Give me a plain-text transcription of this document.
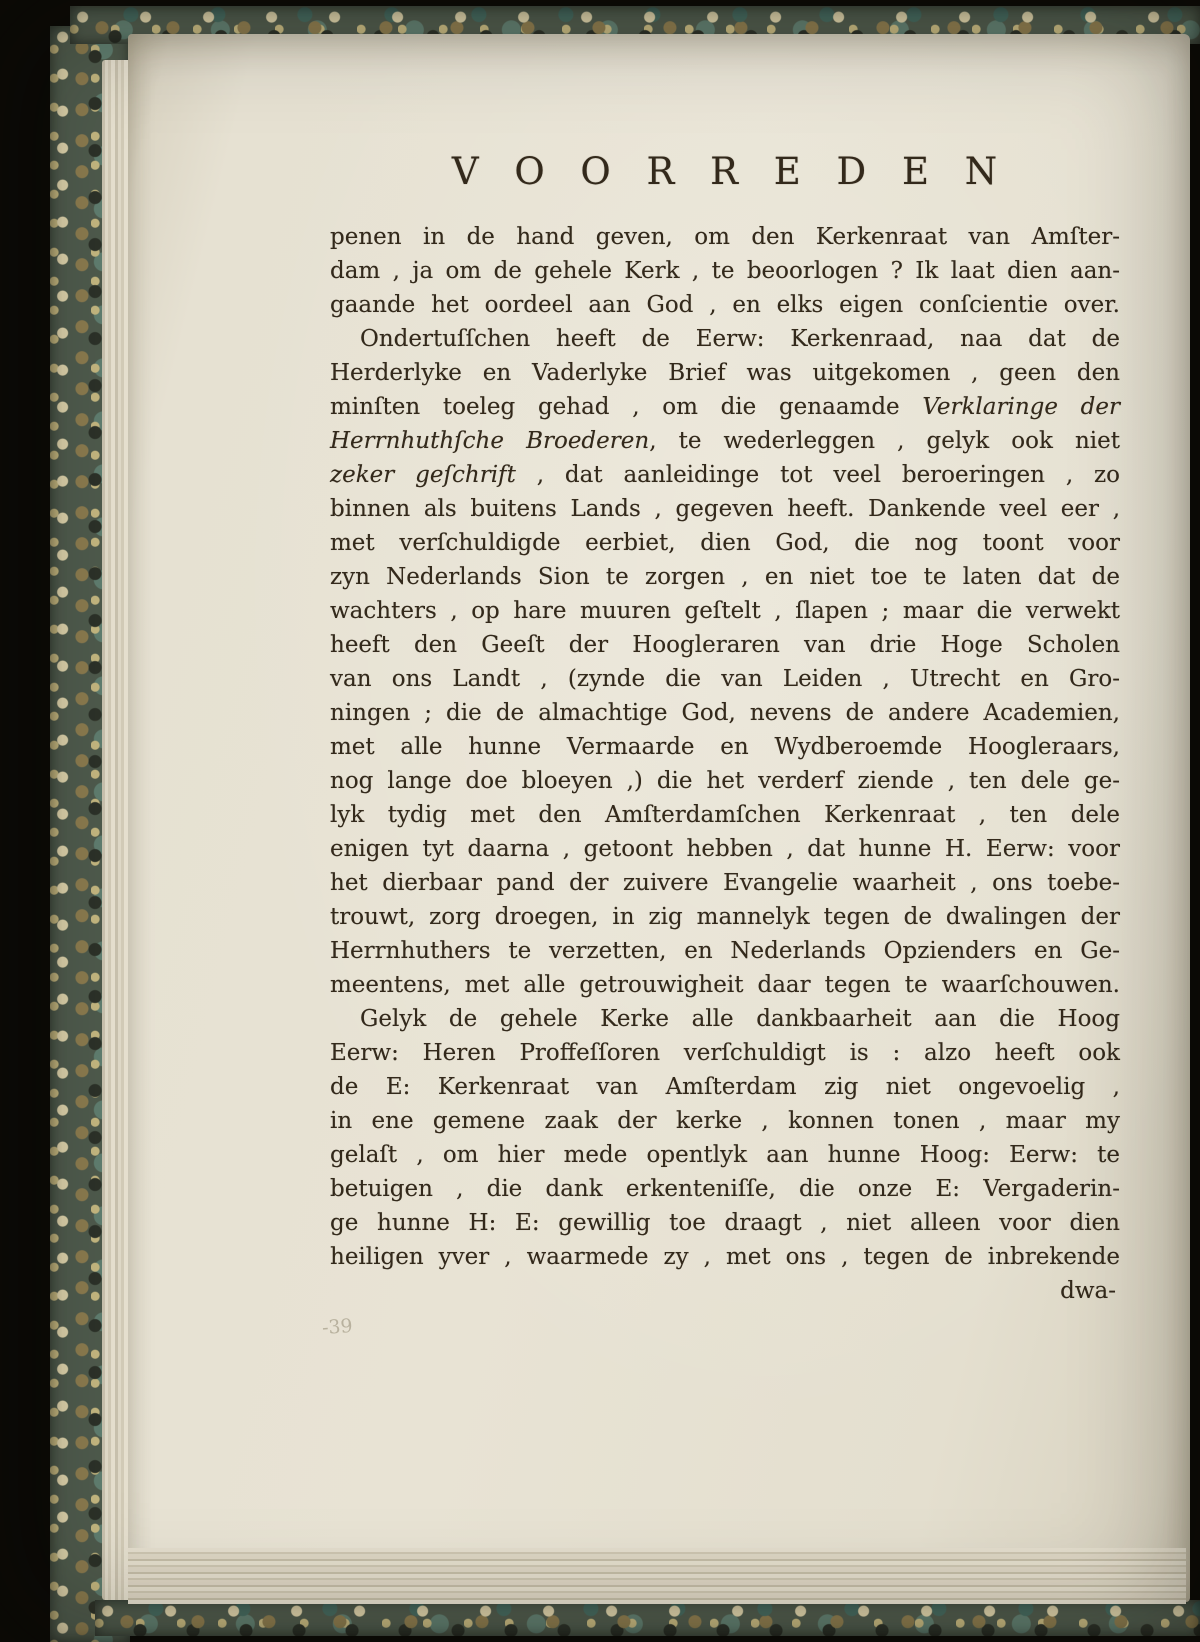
V O O R R E D E N
penen in de hand geven, om den Kerkenraat van Amſter-
dam , ja om de gehele Kerk , te beoorlogen ? Ik laat dien aan-
gaande het oordeel aan God , en elks eigen conſcientie over.
Ondertuſſchen heeft de Eerw: Kerkenraad, naa dat de
Herderlyke en Vaderlyke Brief was uitgekomen , geen den
minſten toeleg gehad , om die genaamde Verklaringe der
Herrnhuthſche Broederen, te wederleggen , gelyk ook niet
zeker geſchrift , dat aanleidinge tot veel beroeringen , zo
binnen als buitens Lands , gegeven heeft. Dankende veel eer ,
met verſchuldigde eerbiet, dien God, die nog toont voor
zyn Nederlands Sion te zorgen , en niet toe te laten dat de
wachters , op hare muuren geſtelt , ſlapen ; maar die verwekt
heeft den Geeſt der Hoogleraren van drie Hoge Scholen
van ons Landt , (zynde die van Leiden , Utrecht en Gro-
ningen ; die de almachtige God, nevens de andere Academien,
met alle hunne Vermaarde en Wydberoemde Hoogleraars,
nog lange doe bloeyen ,) die het verderf ziende , ten dele ge-
lyk tydig met den Amſterdamſchen Kerkenraat , ten dele
enigen tyt daarna , getoont hebben , dat hunne H. Eerw: voor
het dierbaar pand der zuivere Evangelie waarheit , ons toebe-
trouwt, zorg droegen, in zig mannelyk tegen de dwalingen der
Herrnhuthers te verzetten, en Nederlands Opzienders en Ge-
meentens, met alle getrouwigheit daar tegen te waarſchouwen.
Gelyk de gehele Kerke alle dankbaarheit aan die Hoog
Eerw: Heren Proffeſſoren verſchuldigt is : alzo heeft ook
de E: Kerkenraat van Amſterdam zig niet ongevoelig ,
in ene gemene zaak der kerke , konnen tonen , maar my
gelaſt , om hier mede opentlyk aan hunne Hoog: Eerw: te
betuigen , die dank erkenteniſſe, die onze E: Vergaderin-
ge hunne H: E: gewillig toe draagt , niet alleen voor dien
heiligen yver , waarmede zy , met ons , tegen de inbrekende
dwa-
-39
